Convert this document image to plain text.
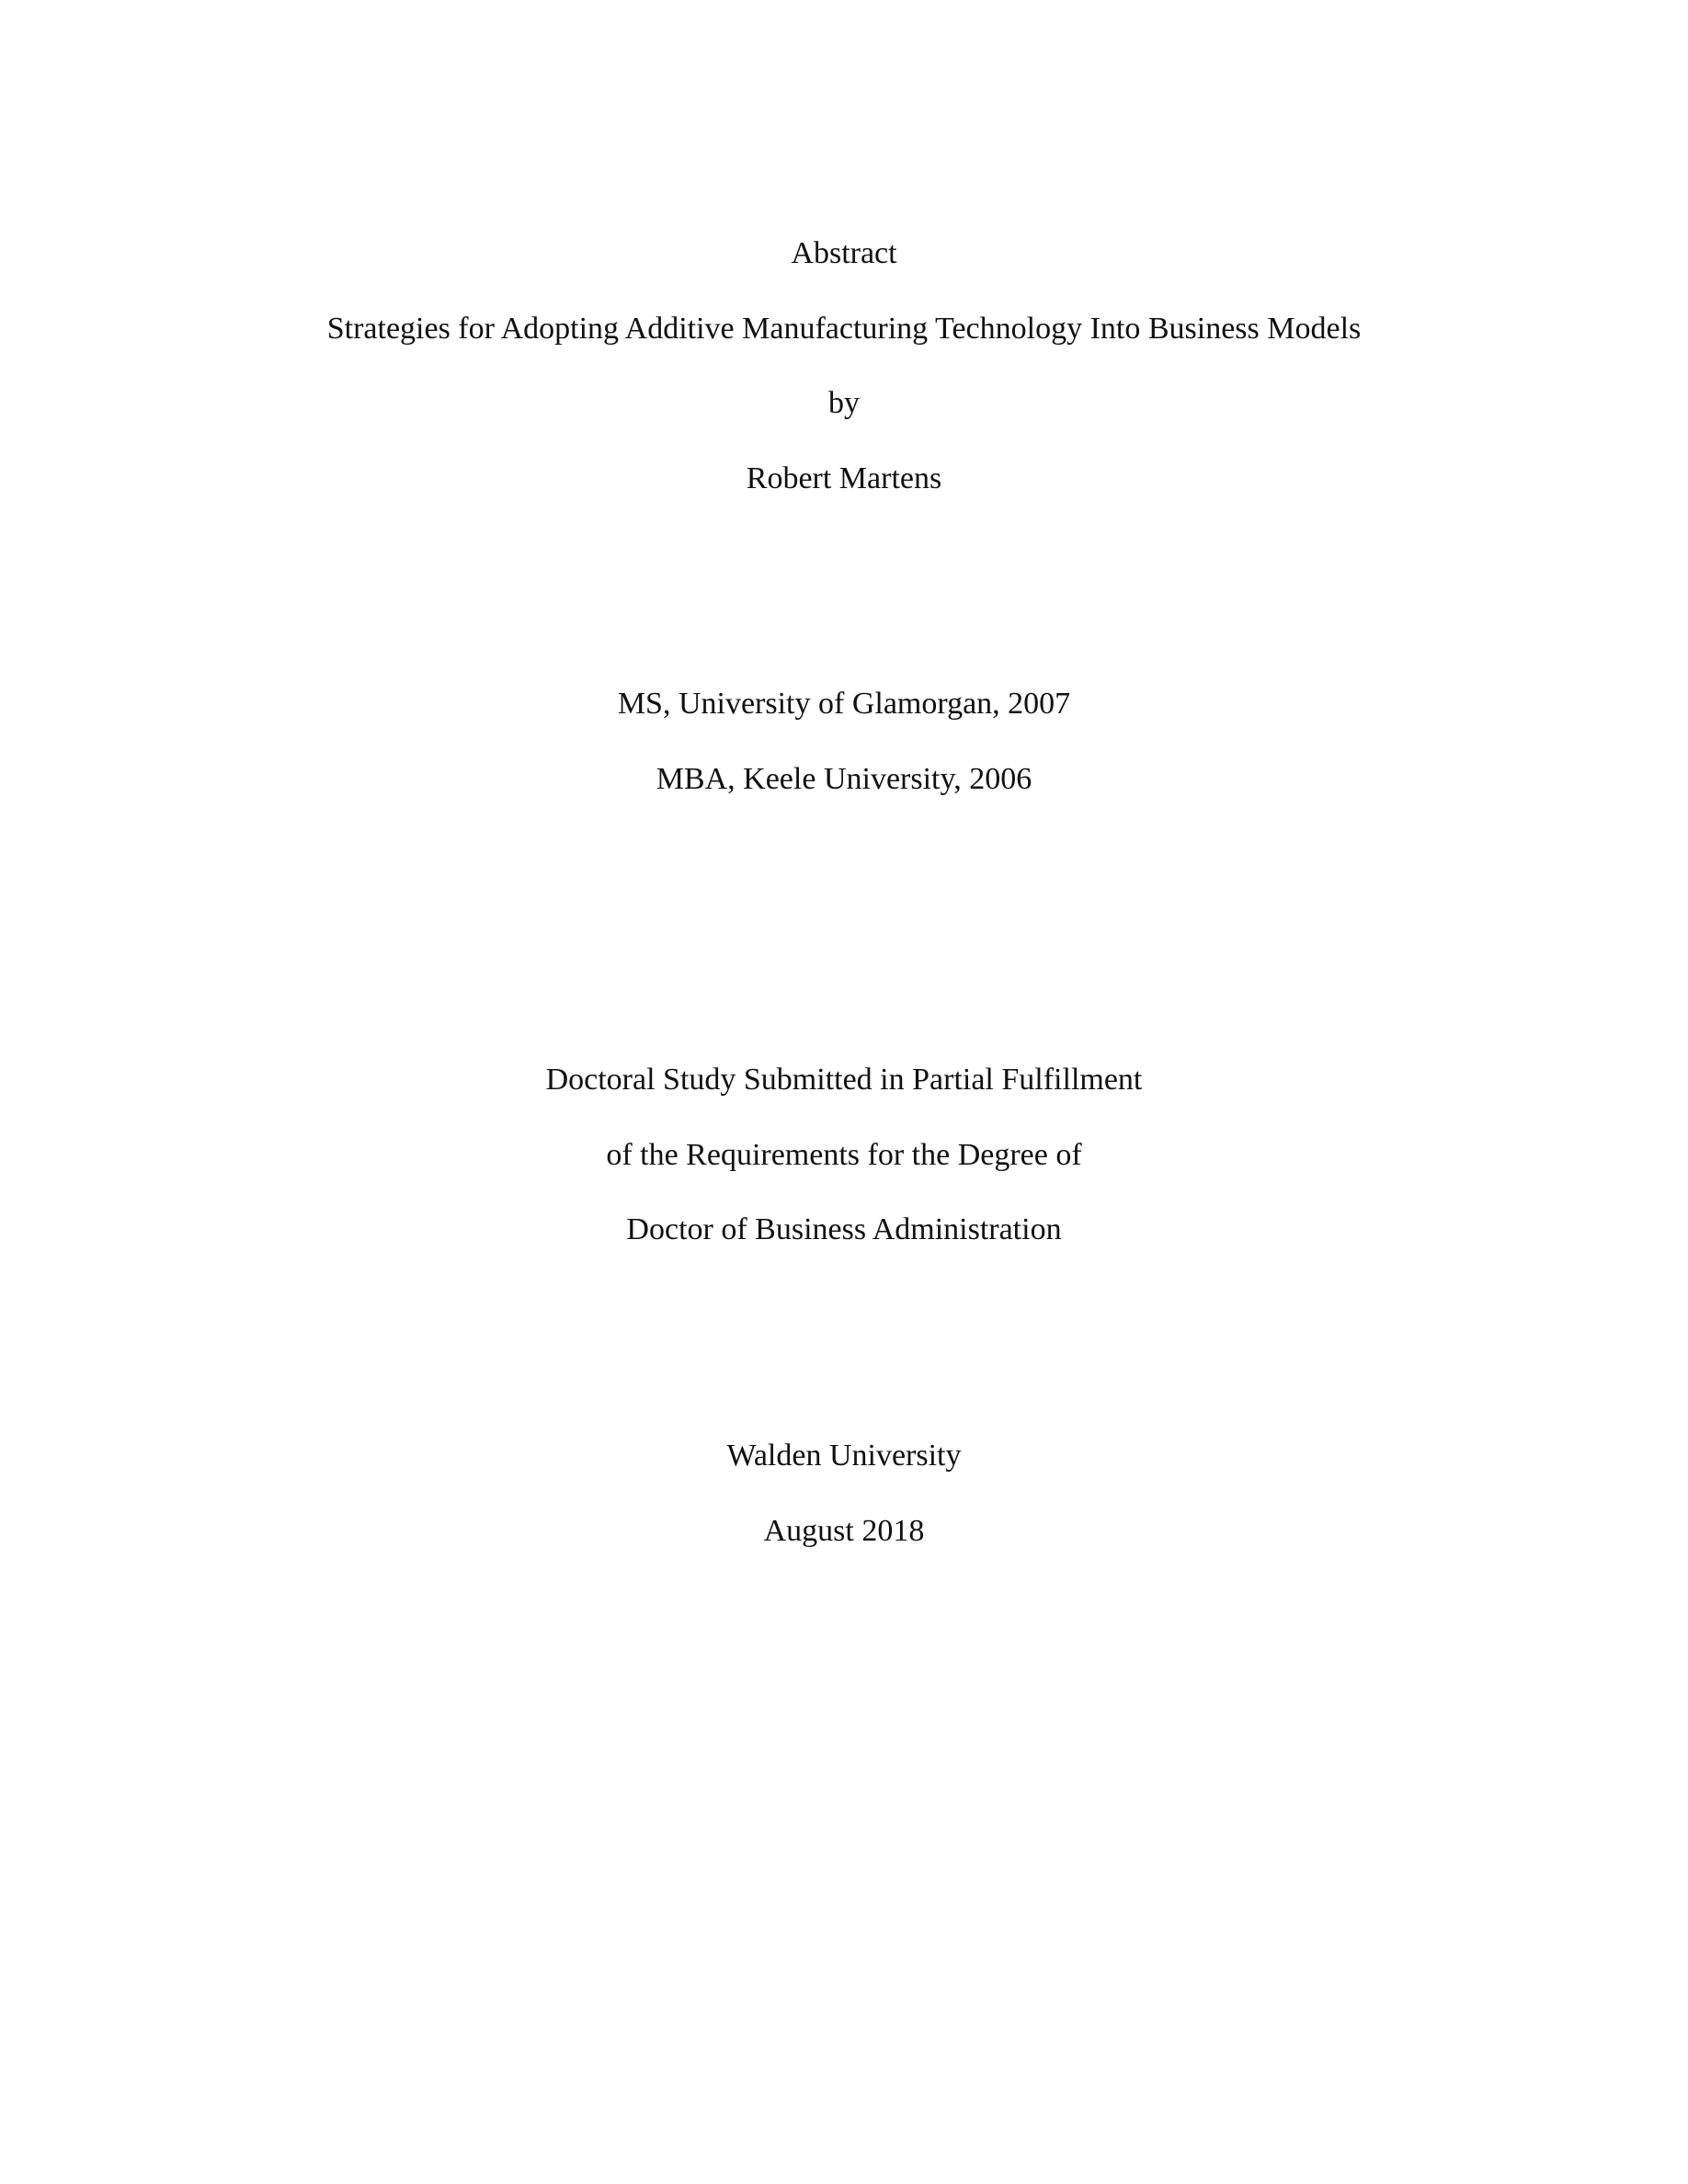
Abstract
Strategies for Adopting Additive Manufacturing Technology Into Business Models
by
Robert Martens
MS, University of Glamorgan, 2007
MBA, Keele University, 2006
Doctoral Study Submitted in Partial Fulfillment
of the Requirements for the Degree of
Doctor of Business Administration
Walden University
August 2018
